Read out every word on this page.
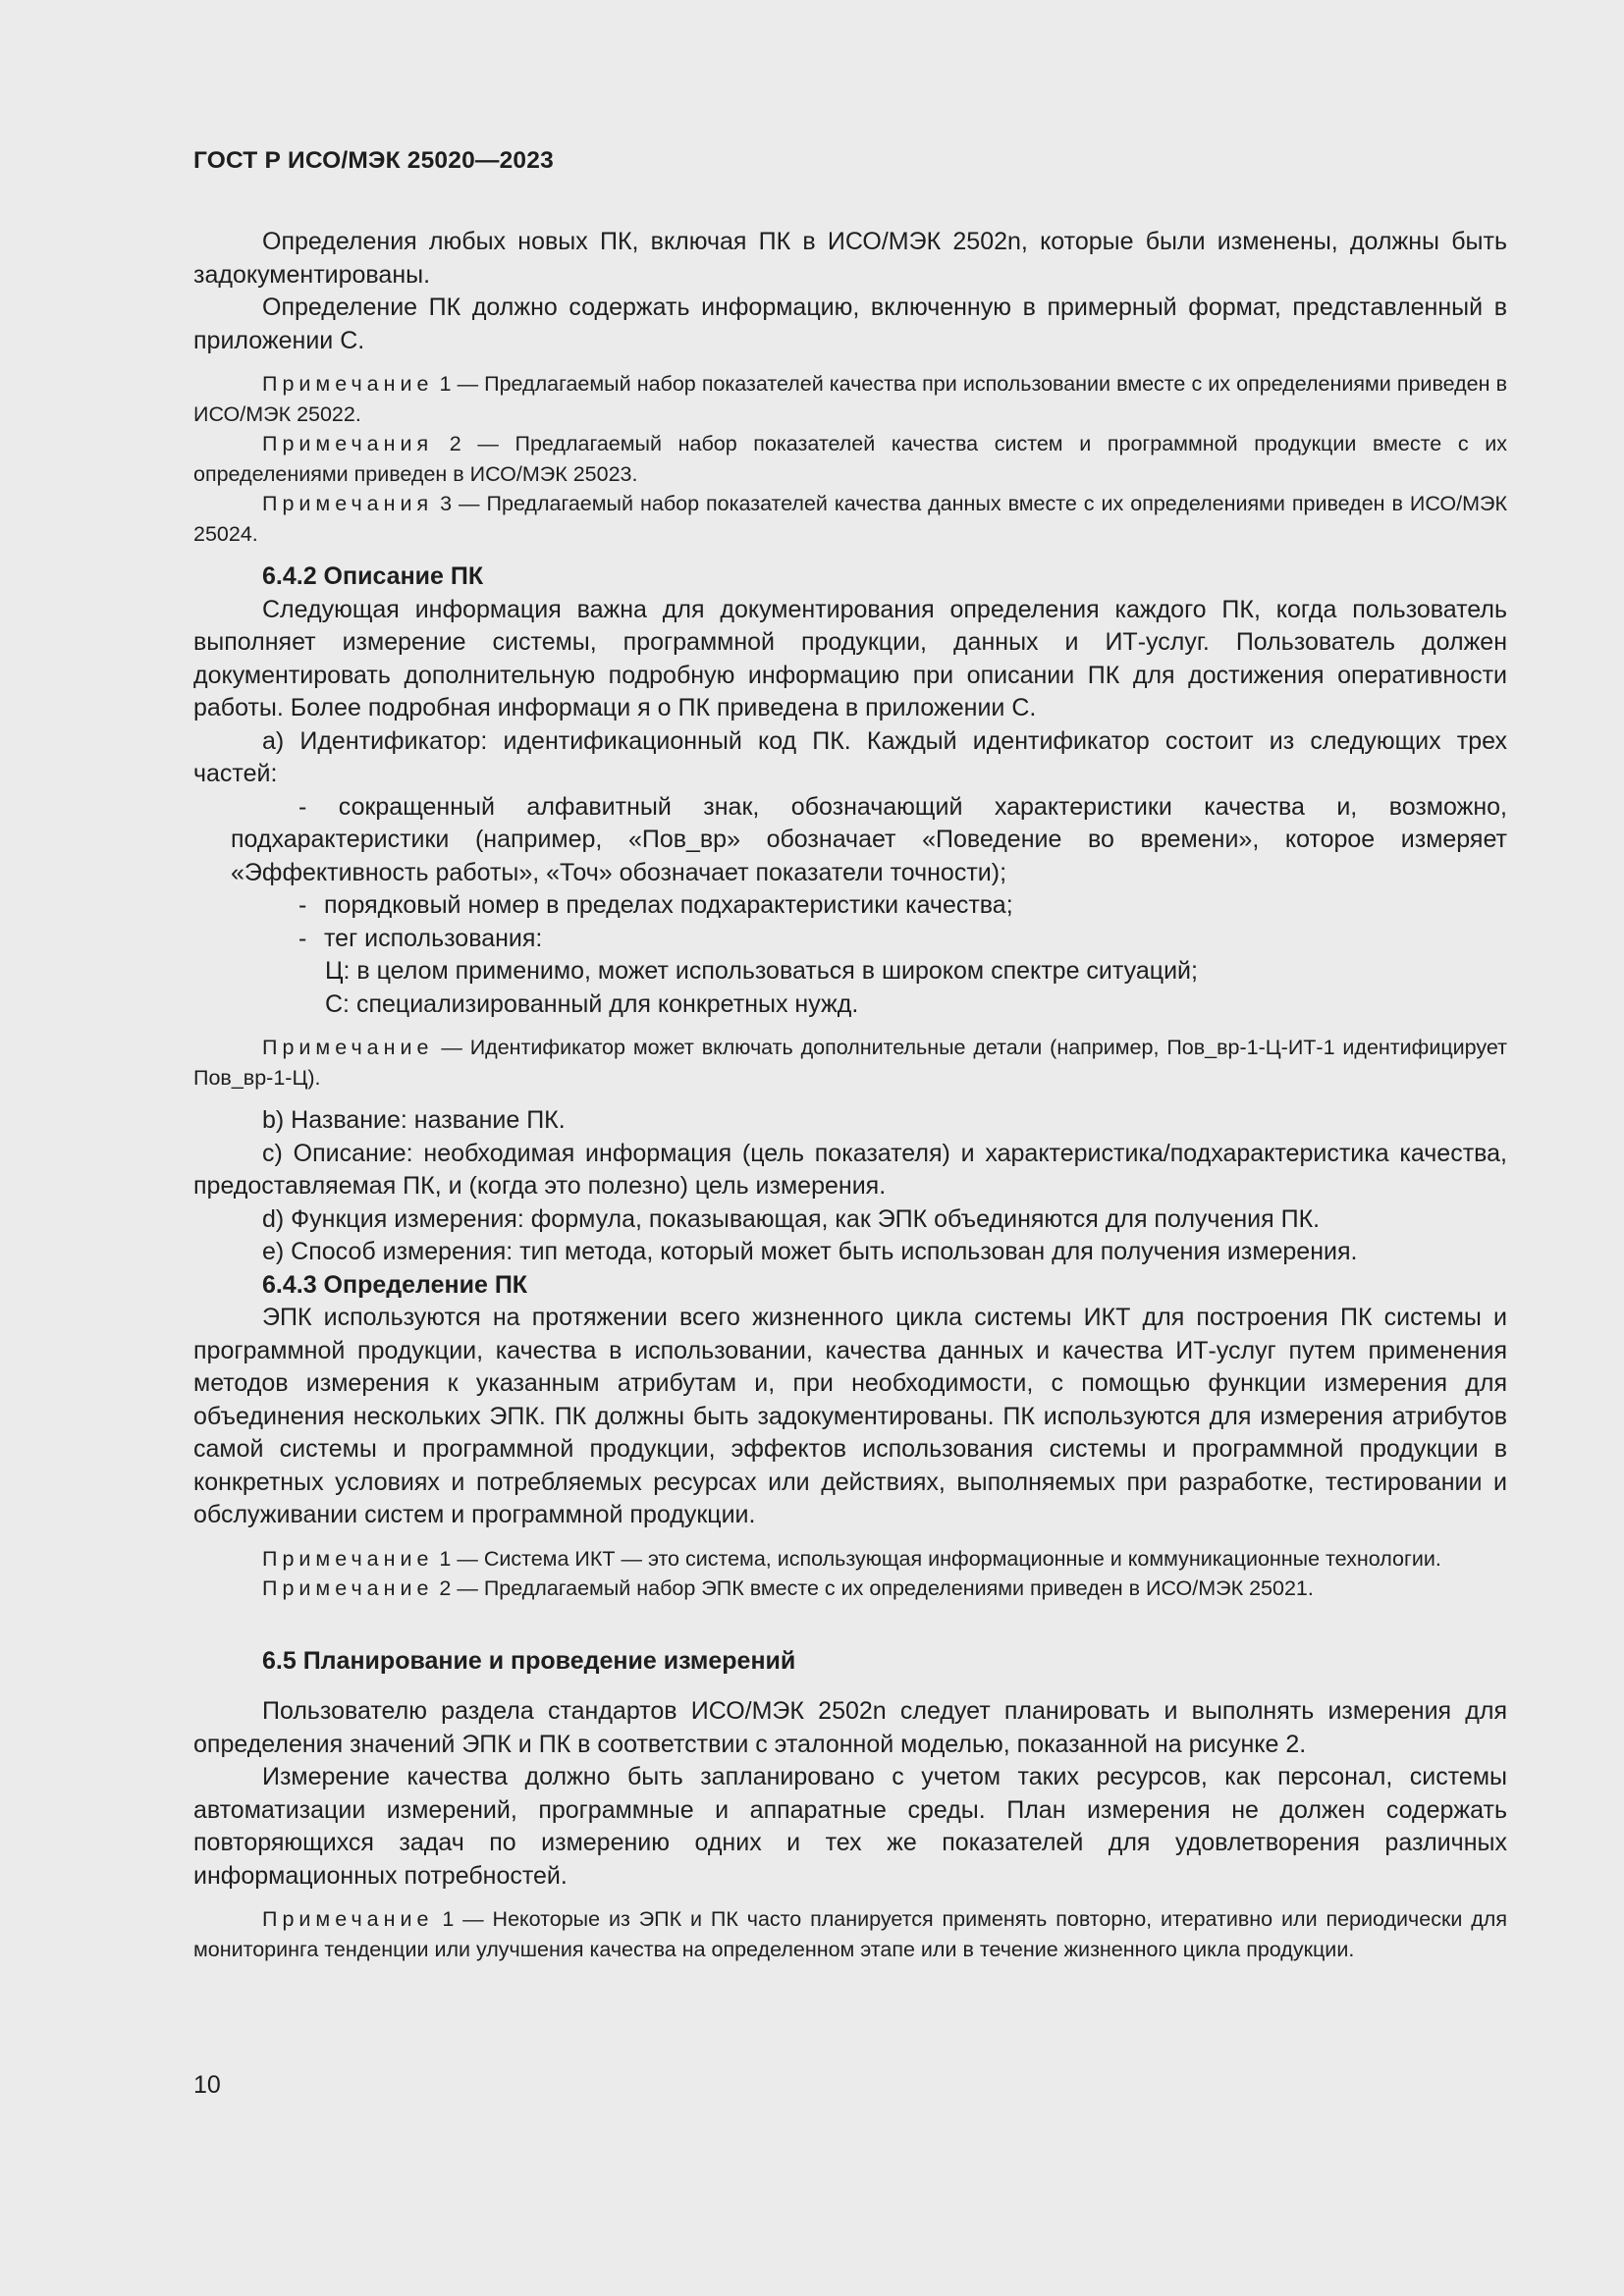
ГОСТ Р ИСО/МЭК 25020—2023

Определения любых новых ПК, включая ПК в ИСО/МЭК 2502n, которые были изменены, должны быть задокументированы.

Определение ПК должно содержать информацию, включенную в примерный формат, представленный в приложении С.

Примечание 1 — Предлагаемый набор показателей качества при использовании вместе с их определениями приведен в ИСО/МЭК 25022.

Примечания 2 — Предлагаемый набор показателей качества систем и программной продукции вместе с их определениями приведен в ИСО/МЭК 25023.

Примечания 3 — Предлагаемый набор показателей качества данных вместе с их определениями приведен в ИСО/МЭК 25024.

6.4.2 Описание ПК

Следующая информация важна для документирования определения каждого ПК, когда пользователь выполняет измерение системы, программной продукции, данных и ИТ-услуг. Пользователь должен документировать дополнительную подробную информацию при описании ПК для достижения оперативности работы. Более подробная информаци я о ПК приведена в приложении С.

а) Идентификатор: идентификационный код ПК. Каждый идентификатор состоит из следующих трех частей:

- сокращенный алфавитный знак, обозначающий характеристики качества и, возможно, подхарактеристики (например, «Пов_вр» обозначает «Поведение во времени», которое измеряет «Эффективность работы», «Точ» обозначает показатели точности);

- порядковый номер в пределах подхарактеристики качества;

- тег использования:

Ц: в целом применимо, может использоваться в широком спектре ситуаций;

С: специализированный для конкретных нужд.

Примечание — Идентификатор может включать дополнительные детали (например, Пов_вр-1-Ц-ИТ-1 идентифицирует Пов_вр-1-Ц).

b) Название: название ПК.

c) Описание: необходимая информация (цель показателя) и характеристика/подхарактеристика качества, предоставляемая ПК, и (когда это полезно) цель измерения.

d) Функция измерения: формула, показывающая, как ЭПК объединяются для получения ПК.

e) Способ измерения: тип метода, который может быть использован для получения измерения.

6.4.3 Определение ПК

ЭПК используются на протяжении всего жизненного цикла системы ИКТ для построения ПК системы и программной продукции, качества в использовании, качества данных и качества ИТ-услуг путем применения методов измерения к указанным атрибутам и, при необходимости, с помощью функции измерения для объединения нескольких ЭПК. ПК должны быть задокументированы. ПК используются для измерения атрибутов самой системы и программной продукции, эффектов использования системы и программной продукции в конкретных условиях и потребляемых ресурсах или действиях, выполняемых при разработке, тестировании и обслуживании систем и программной продукции.

Примечание 1 — Система ИКТ — это система, использующая информационные и коммуникационные технологии.

Примечание 2 — Предлагаемый набор ЭПК вместе с их определениями приведен в ИСО/МЭК 25021.

6.5 Планирование и проведение измерений

Пользователю раздела стандартов ИСО/МЭК 2502n следует планировать и выполнять измерения для определения значений ЭПК и ПК в соответствии с эталонной моделью, показанной на рисунке 2.

Измерение качества должно быть запланировано с учетом таких ресурсов, как персонал, системы автоматизации измерений, программные и аппаратные среды. План измерения не должен содержать повторяющихся задач по измерению одних и тех же показателей для удовлетворения различных информационных потребностей.

Примечание 1 — Некоторые из ЭПК и ПК часто планируется применять повторно, итеративно или периодически для мониторинга тенденции или улучшения качества на определенном этапе или в течение жизненного цикла продукции.

10
